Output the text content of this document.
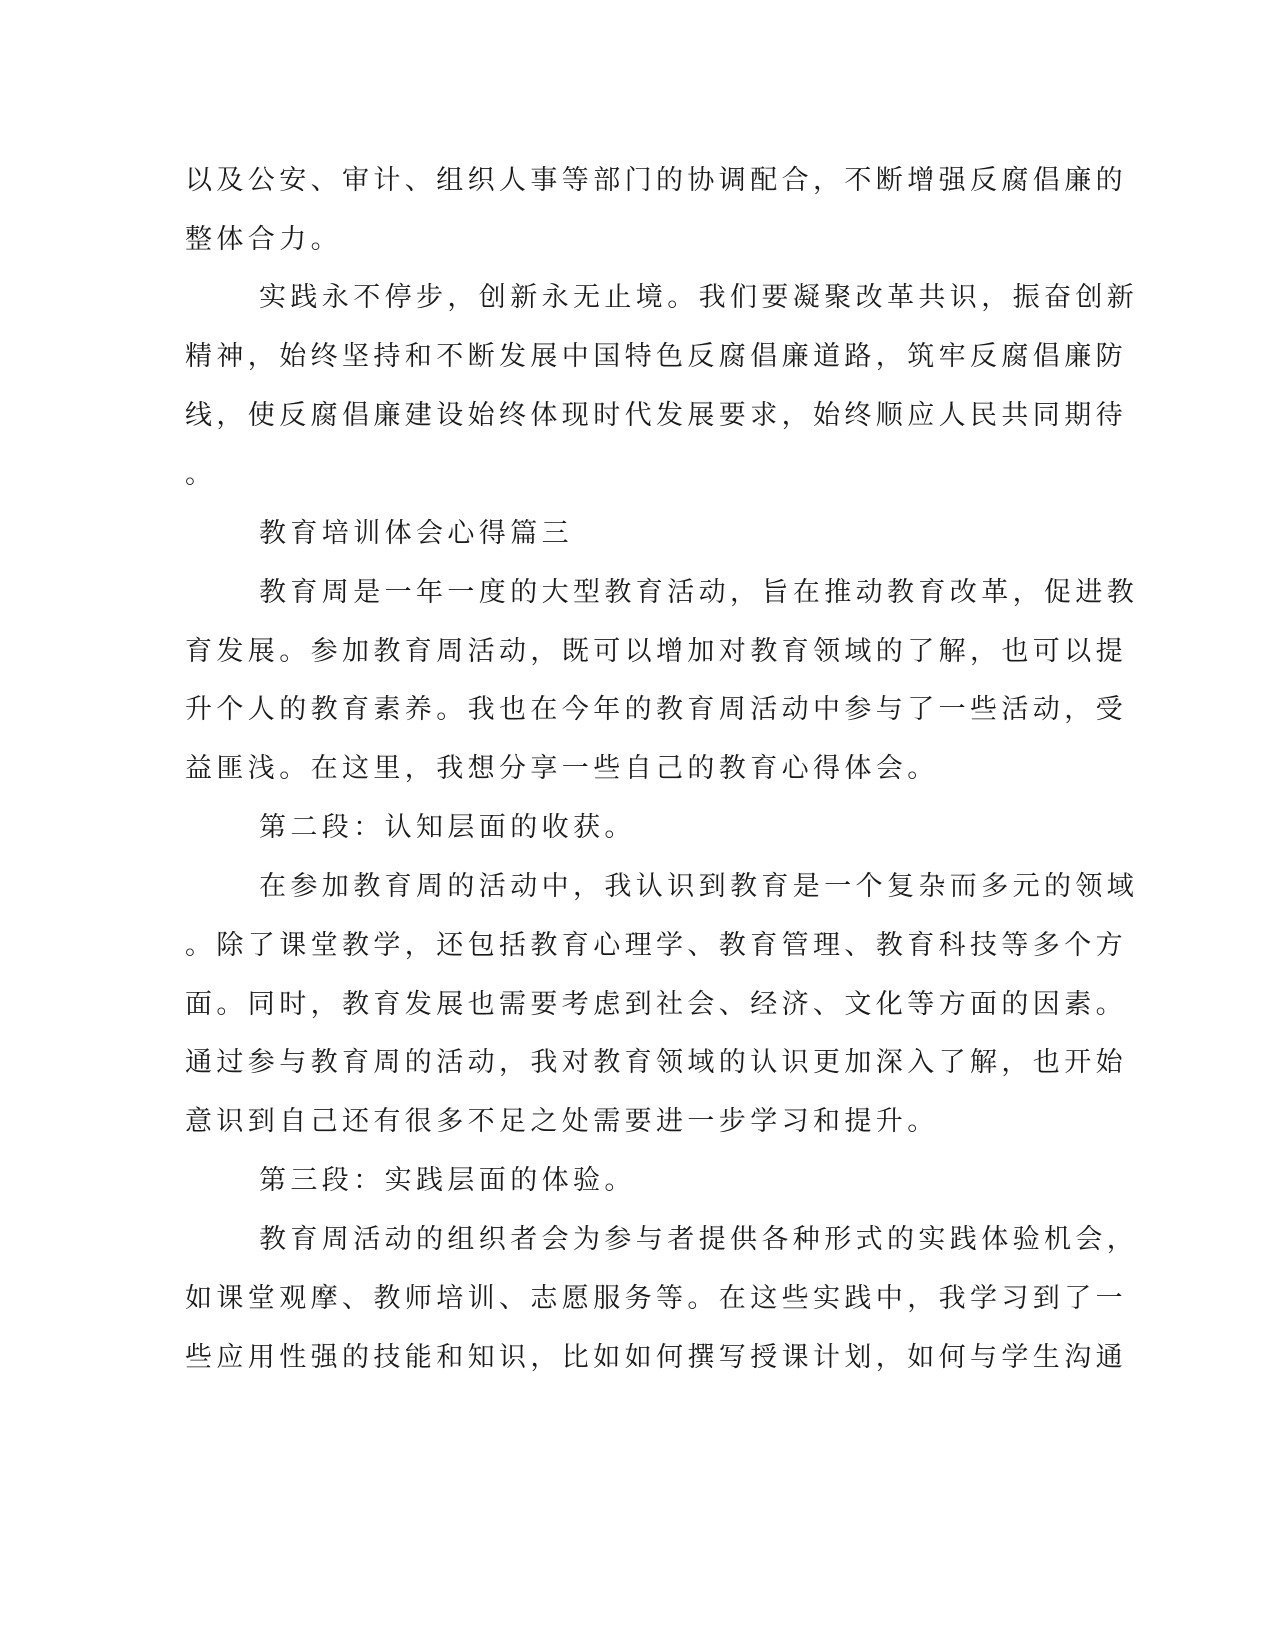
以及公安、审计、组织人事等部门的协调配合，不断增强反腐倡廉的
整体合力。
实践永不停步，创新永无止境。我们要凝聚改革共识，振奋创新
精神，始终坚持和不断发展中国特色反腐倡廉道路，筑牢反腐倡廉防
线，使反腐倡廉建设始终体现时代发展要求，始终顺应人民共同期待
。
教育培训体会心得篇三
教育周是一年一度的大型教育活动，旨在推动教育改革，促进教
育发展。参加教育周活动，既可以增加对教育领域的了解，也可以提
升个人的教育素养。我也在今年的教育周活动中参与了一些活动，受
益匪浅。在这里，我想分享一些自己的教育心得体会。
第二段：认知层面的收获。
在参加教育周的活动中，我认识到教育是一个复杂而多元的领域
。除了课堂教学，还包括教育心理学、教育管理、教育科技等多个方
面。同时，教育发展也需要考虑到社会、经济、文化等方面的因素。
通过参与教育周的活动，我对教育领域的认识更加深入了解，也开始
意识到自己还有很多不足之处需要进一步学习和提升。
第三段：实践层面的体验。
教育周活动的组织者会为参与者提供各种形式的实践体验机会，
如课堂观摩、教师培训、志愿服务等。在这些实践中，我学习到了一
些应用性强的技能和知识，比如如何撰写授课计划，如何与学生沟通
